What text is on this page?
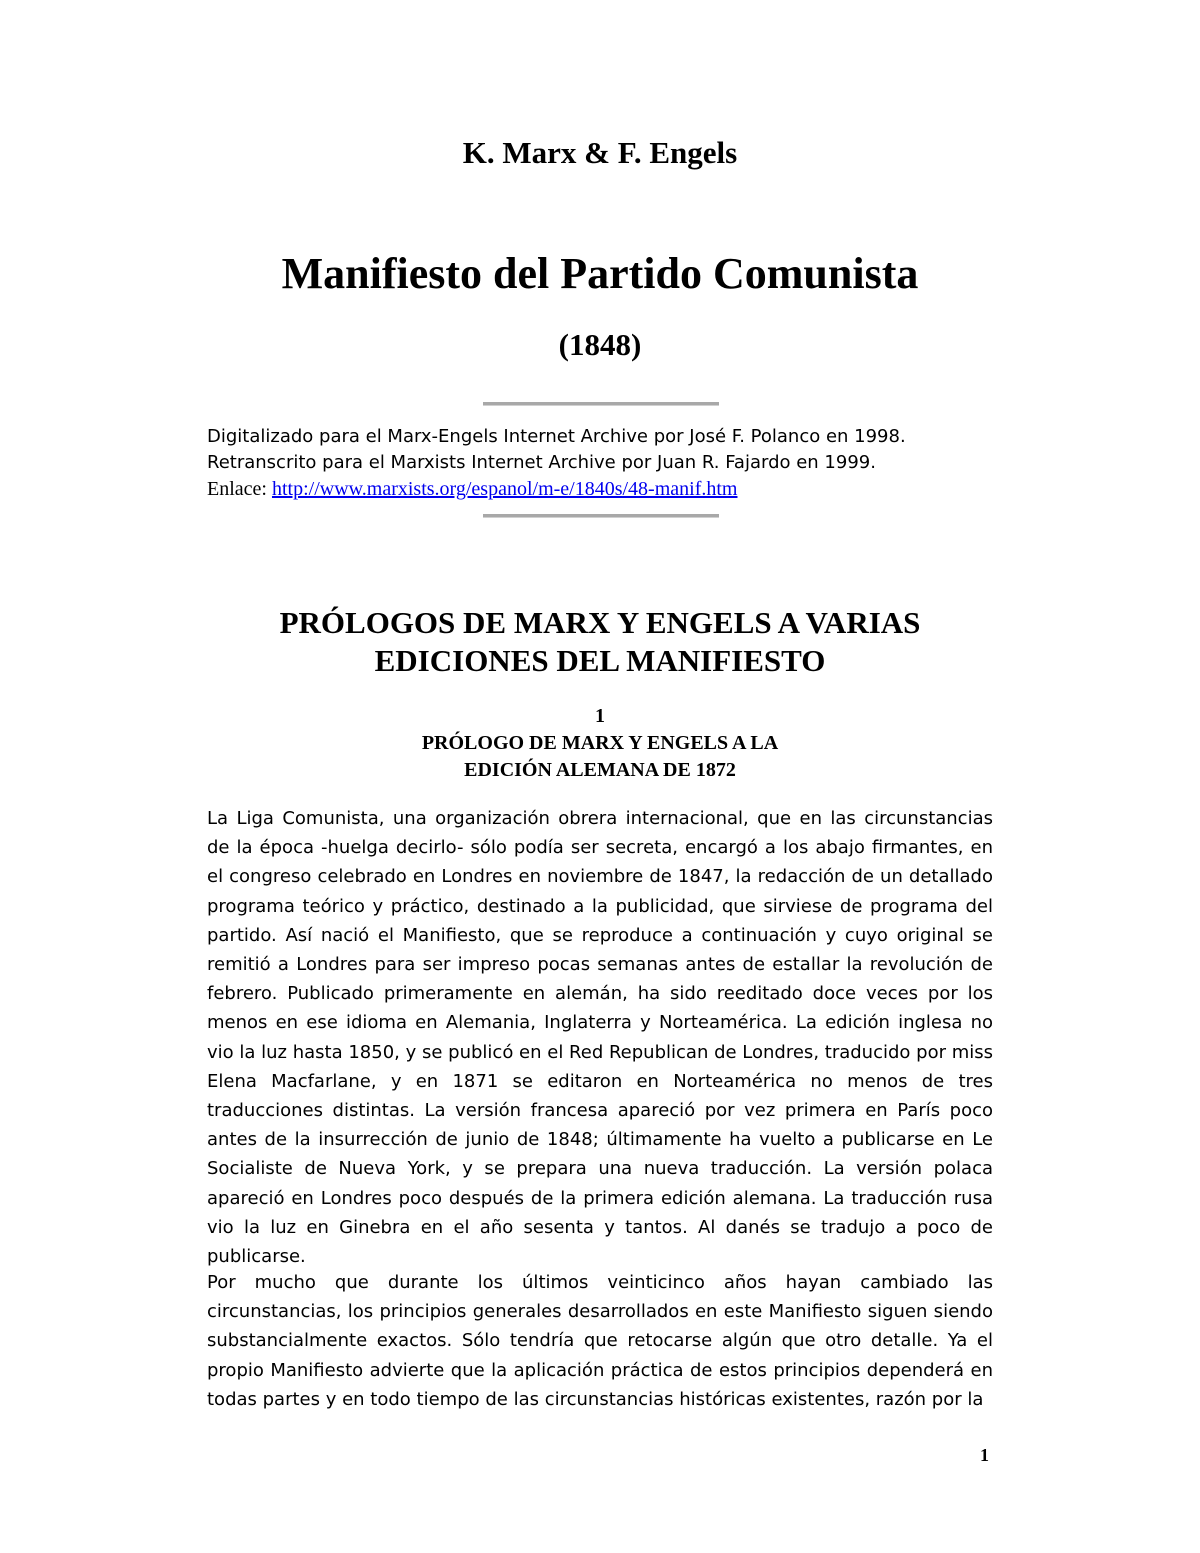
K. Marx & F. Engels
Manifiesto del Partido Comunista
(1848)
Digitalizado para el Marx-Engels Internet Archive por José F. Polanco en 1998.
Retranscrito para el Marxists Internet Archive por Juan R. Fajardo en 1999.
Enlace: http://www.marxists.org/espanol/m-e/1840s/48-manif.htm
PRÓLOGOS DE MARX Y ENGELS A VARIAS
EDICIONES DEL MANIFIESTO
1
PRÓLOGO DE MARX Y ENGELS A LA
EDICIÓN ALEMANA DE 1872

La Liga Comunista, una organización obrera internacional, que en las circunstancias de la época -huelga decirlo- sólo podía ser secreta, encargó a los abajo firmantes, en el congreso celebrado en Londres en noviembre de 1847, la redacción de un detallado programa teórico y práctico, destinado a la publicidad, que sirviese de programa del partido. Así nació el Manifiesto, que se reproduce a continuación y cuyo original se remitió a Londres para ser impreso pocas semanas antes de estallar la revolución de febrero. Publicado primeramente en alemán, ha sido reeditado doce veces por los menos en ese idioma en Alemania, Inglaterra y Norteamérica. La edición inglesa no vio la luz hasta 1850, y se publicó en el Red Republican de Londres, traducido por miss Elena Macfarlane, y en 1871 se editaron en Norteamérica no menos de tres traducciones distintas. La versión francesa apareció por vez primera en París poco antes de la insurrección de junio de 1848; últimamente ha vuelto a publicarse en Le Socialiste de Nueva York, y se prepara una nueva traducción. La versión polaca apareció en Londres poco después de la primera edición alemana. La traducción rusa vio la luz en Ginebra en el año sesenta y tantos. Al danés se tradujo a poco de publicarse.

Por mucho que durante los últimos veinticinco años hayan cambiado las circunstancias, los principios generales desarrollados en este Manifiesto siguen siendo substancialmente exactos. Sólo tendría que retocarse algún que otro detalle. Ya el propio Manifiesto advierte que la aplicación práctica de estos principios dependerá en todas partes y en todo tiempo de las circunstancias históricas existentes, razón por la

1
